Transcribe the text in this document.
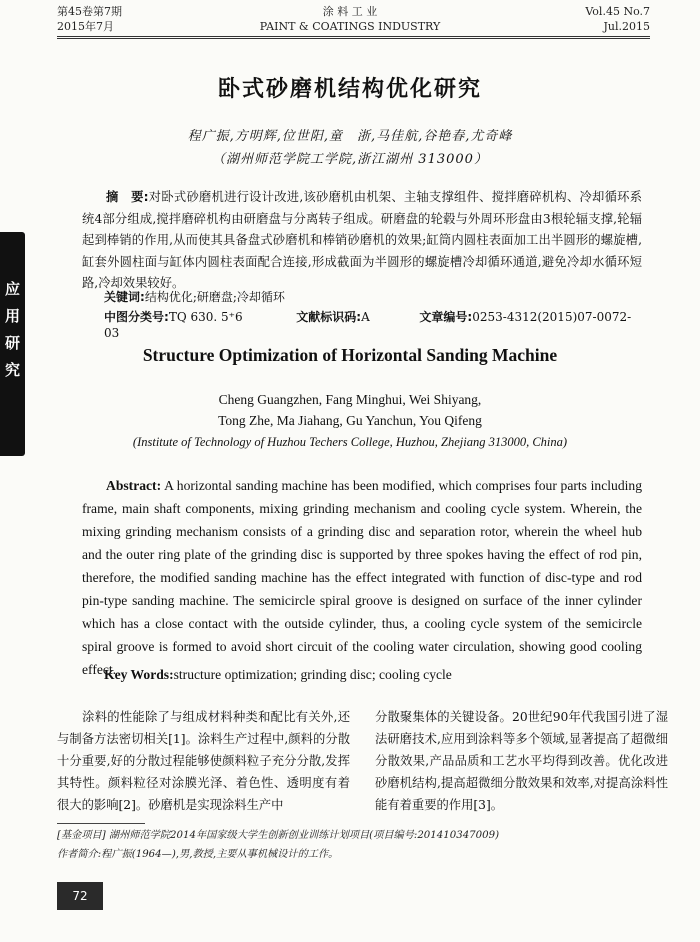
第45卷第7期
2015年7月
涂 料 工 业
PAINT & COATINGS INDUSTRY
Vol.45 No.7
Jul.2015
应
用
研
究
卧式砂磨机结构优化研究
程广振,方明辉,位世阳,童　浙,马佳航,谷艳春,尤奇峰
（湖州师范学院工学院,浙江湖州 313000）
摘　要:对卧式砂磨机进行设计改进,该砂磨机由机架、主轴支撑组件、搅拌磨碎机构、冷却循环系统4部分组成,搅拌磨碎机构由研磨盘与分离转子组成。研磨盘的轮毂与外周环形盘由3根轮辐支撑,轮辐起到棒销的作用,从而使其具备盘式砂磨机和棒销砂磨机的效果;缸筒内圆柱表面加工出半圆形的螺旋槽,缸套外圆柱面与缸体内圆柱表面配合连接,形成截面为半圆形的螺旋槽冷却循环通道,避免冷却水循环短路,冷却效果较好。
关键词:结构优化;研磨盘;冷却循环
中图分类号:TQ 630. 5⁺6	文献标识码:A	文章编号:0253-4312(2015)07-0072-03
Structure Optimization of Horizontal Sanding Machine
Cheng Guangzhen, Fang Minghui, Wei Shiyang,
Tong Zhe, Ma Jiahang, Gu Yanchun, You Qifeng
(Institute of Technology of Huzhou Techers College, Huzhou, Zhejiang 313000, China)
Abstract: A horizontal sanding machine has been modified, which comprises four parts including frame, main shaft components, mixing grinding mechanism and cooling cycle system. Wherein, the mixing grinding mechanism consists of a grinding disc and separation rotor, wherein the wheel hub and the outer ring plate of the grinding disc is supported by three spokes having the effect of rod pin, therefore, the modified sanding machine has the effect integrated with function of disc-type and rod pin-type sanding machine. The semicircle spiral groove is designed on surface of the inner cylinder which has a close contact with the outside cylinder, thus, a cooling cycle system of the semicircle spiral groove is formed to avoid short circuit of the cooling water circulation, showing good cooling effect.
Key Words:structure optimization; grinding disc; cooling cycle
　　涂料的性能除了与组成材料种类和配比有关外,还与制备方法密切相关[1]。涂料生产过程中,颜料的分散十分重要,好的分散过程能够使颜料粒子充分分散,发挥其特性。颜料粒径对涂膜光泽、着色性、透明度有着很大的影响[2]。砂磨机是实现涂料生产中
分散聚集体的关键设备。20世纪90年代我国引进了湿法研磨技术,应用到涂料等多个领域,显著提高了超微细分散效果,产品品质和工艺水平均得到改善。优化改进砂磨机结构,提高超微细分散效果和效率,对提高涂料性能有着重要的作用[3]。
[基金项目] 湖州师范学院2014年国家级大学生创新创业训练计划项目(项目编号:201410347009)
作者简介:程广振(1964—),男,教授,主要从事机械设计的工作。
72
